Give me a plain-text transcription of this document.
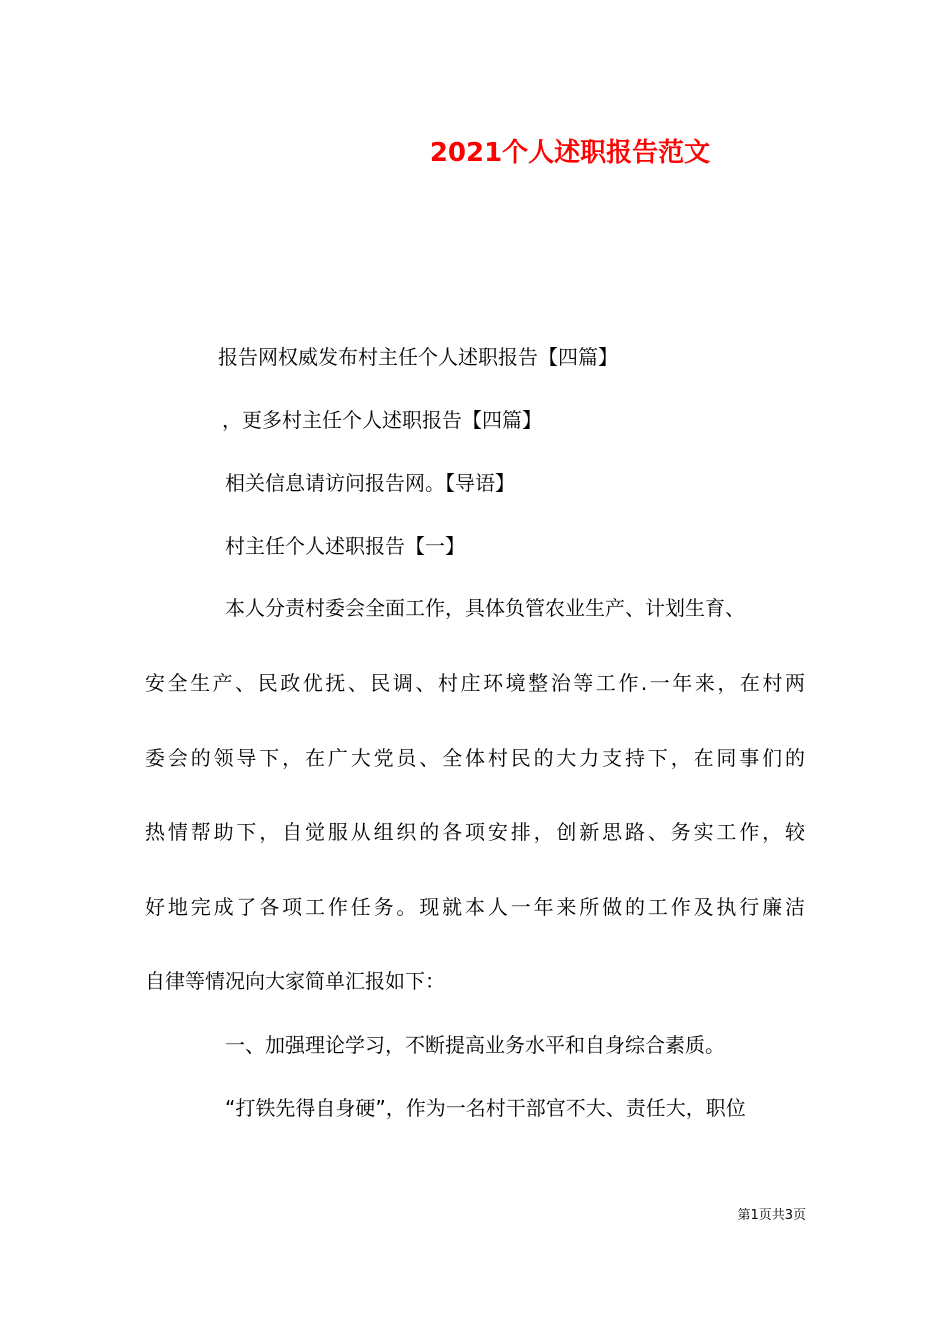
2021个人述职报告范文
报告网权威发布村主任个人述职报告【四篇】
，更多村主任个人述职报告【四篇】
相关信息请访问报告网。【导语】
村主任个人述职报告【一】
本人分责村委会全面工作，具体负管农业生产、计划生育、
安全生产、民政优抚、民调、村庄环境整治等工作.一年来，在村两
委会的领导下，在广大党员、全体村民的大力支持下，在同事们的
热情帮助下，自觉服从组织的各项安排，创新思路、务实工作，较
好地完成了各项工作任务。现就本人一年来所做的工作及执行廉洁
自律等情况向大家简单汇报如下：
一、加强理论学习，不断提高业务水平和自身综合素质。
“打铁先得自身硬”，作为一名村干部官不大、责任大，职位
第1页共3页
